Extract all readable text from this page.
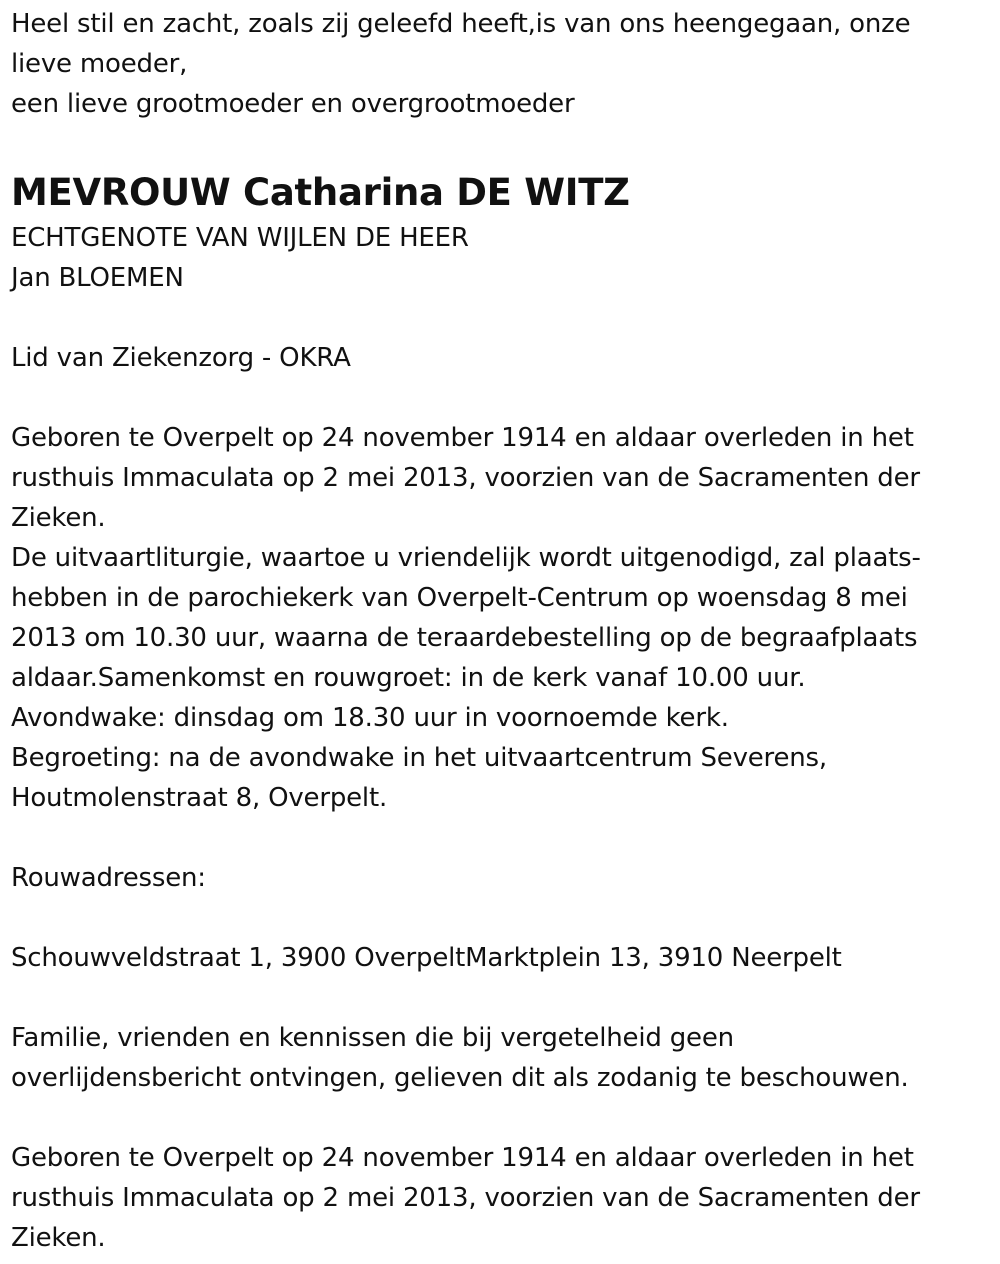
Heel stil en zacht, zoals zij geleefd heeft,is van ons heengegaan, onze
lieve moeder,
een lieve grootmoeder en overgrootmoeder
MEVROUW Catharina DE WITZ
ECHTGENOTE VAN WIJLEN DE HEER
Jan BLOEMEN
Lid van Ziekenzorg - OKRA
Geboren te Overpelt op 24 november 1914 en aldaar overleden in het
rusthuis Immaculata op 2 mei 2013, voorzien van de Sacramenten der
Zieken.
De uitvaartliturgie, waartoe u vriendelijk wordt uitgenodigd, zal plaats-
hebben in de parochiekerk van Overpelt-Centrum op woensdag 8 mei
2013 om 10.30 uur, waarna de teraardebestelling op de begraafplaats
aldaar.Samenkomst en rouwgroet: in de kerk vanaf 10.00 uur.
Avondwake: dinsdag om 18.30 uur in voornoemde kerk.
Begroeting: na de avondwake in het uitvaartcentrum Severens,
Houtmolenstraat 8, Overpelt.
Rouwadressen:
Schouwveldstraat 1, 3900 OverpeltMarktplein 13, 3910 Neerpelt
Familie, vrienden en kennissen die bij vergetelheid geen
overlijdensbericht ontvingen, gelieven dit als zodanig te beschouwen.
Geboren te Overpelt op 24 november 1914 en aldaar overleden in het
rusthuis Immaculata op 2 mei 2013, voorzien van de Sacramenten der
Zieken.
